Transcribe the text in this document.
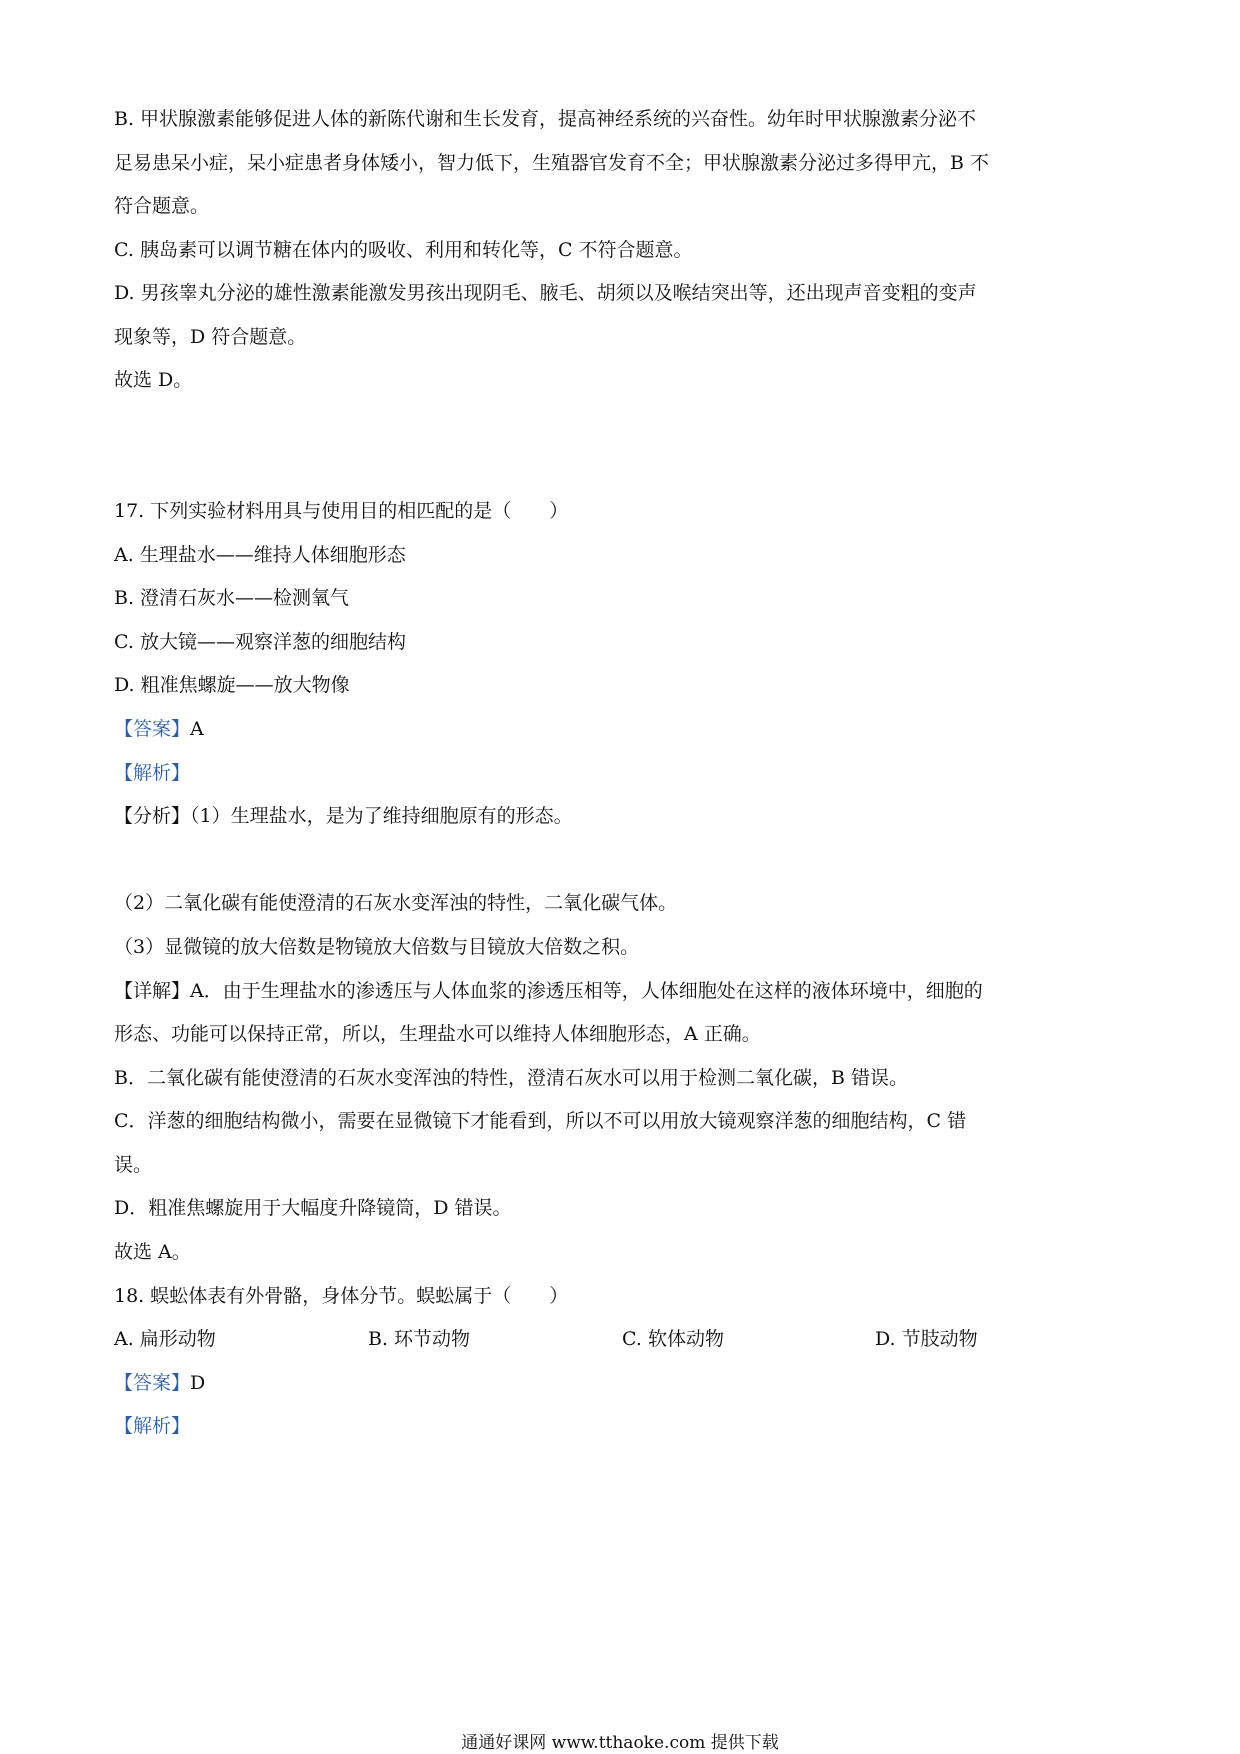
B. 甲状腺激素能够促进人体的新陈代谢和生长发育，提高神经系统的兴奋性。幼年时甲状腺激素分泌不
足易患呆小症，呆小症患者身体矮小，智力低下，生殖器官发育不全；甲状腺激素分泌过多得甲亢，B 不
符合题意。
C. 胰岛素可以调节糖在体内的吸收、利用和转化等，C 不符合题意。
D. 男孩睾丸分泌的雄性激素能激发男孩出现阴毛、腋毛、胡须以及喉结突出等，还出现声音变粗的变声
现象等，D 符合题意。
故选 D。
17. 下列实验材料用具与使用目的相匹配的是（　　）
A. 生理盐水——维持人体细胞形态
B. 澄清石灰水——检测氧气
C. 放大镜——观察洋葱的细胞结构
D. 粗准焦螺旋——放大物像
【答案】A
【解析】
【分析】（1）生理盐水，是为了维持细胞原有的形态。
（2）二氧化碳有能使澄清的石灰水变浑浊的特性，二氧化碳气体。
（3）显微镜的放大倍数是物镜放大倍数与目镜放大倍数之积。
【详解】A．由于生理盐水的渗透压与人体血浆的渗透压相等，人体细胞处在这样的液体环境中，细胞的
形态、功能可以保持正常，所以，生理盐水可以维持人体细胞形态，A 正确。
B．二氧化碳有能使澄清的石灰水变浑浊的特性，澄清石灰水可以用于检测二氧化碳，B 错误。
C．洋葱的细胞结构微小，需要在显微镜下才能看到，所以不可以用放大镜观察洋葱的细胞结构，C 错
误。
D．粗准焦螺旋用于大幅度升降镜筒，D 错误。
故选 A。
18. 蜈蚣体表有外骨骼，身体分节。蜈蚣属于（　　）
A. 扁形动物	B. 环节动物	C. 软体动物	D. 节肢动物
【答案】D
【解析】
通通好课网 www.tthaoke.com 提供下载
